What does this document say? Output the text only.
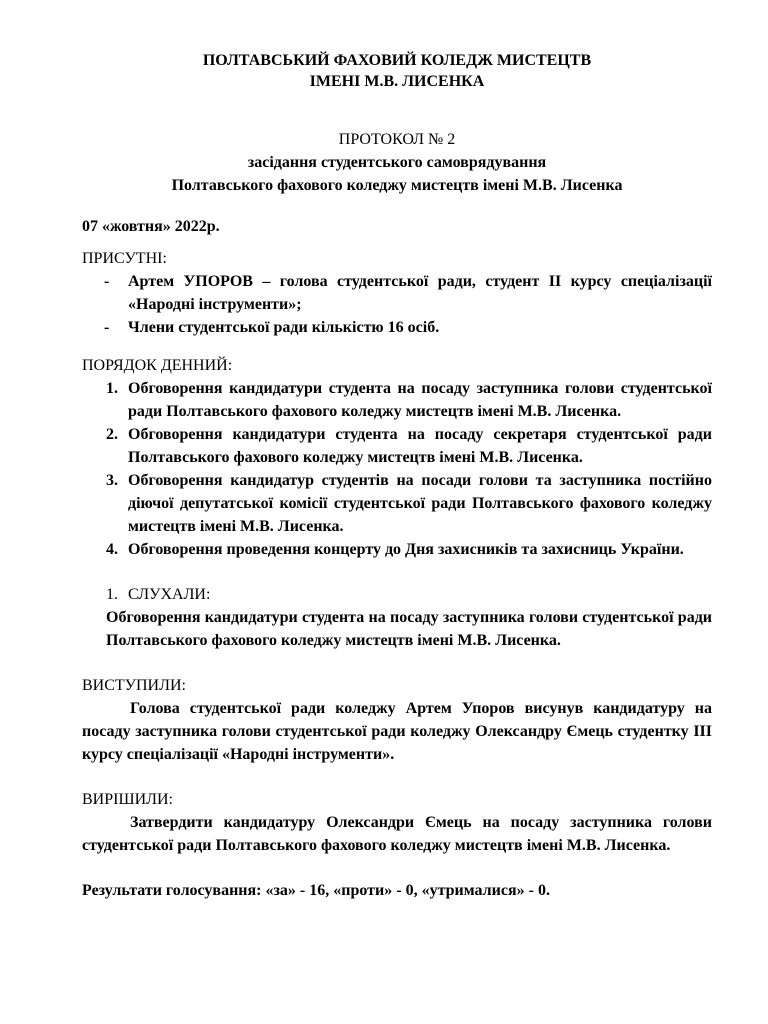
ПОЛТАВСЬКИЙ ФАХОВИЙ КОЛЕДЖ МИСТЕЦТВ

ІМЕНІ М.В. ЛИСЕНКА

ПРОТОКОЛ № 2

засідання студентського самоврядування

Полтавського фахового коледжу мистецтв імені М.В. Лисенка

07 «жовтня» 2022р.

ПРИСУТНІ:

- Артем УПОРОВ – голова студентської ради, студент ІІ курсу спеціалізації «Народні інструменти»;
- Члени студентської ради кількістю 16 осіб.

ПОРЯДОК ДЕННИЙ:

1. Обговорення кандидатури студента на посаду заступника голови студентської ради Полтавського фахового коледжу мистецтв імені М.В. Лисенка.
2. Обговорення кандидатури студента на посаду секретаря студентської ради Полтавського фахового коледжу мистецтв імені М.В. Лисенка.
3. Обговорення кандидатур студентів на посади голови та заступника постійно діючої депутатської комісії студентської ради Полтавського фахового коледжу мистецтв імені М.В. Лисенка.
4. Обговорення проведення концерту до Дня захисників та захисниць України.

1. СЛУХАЛИ:

Обговорення кандидатури студента на посаду заступника голови студентської ради Полтавського фахового коледжу мистецтв імені М.В. Лисенка.

ВИСТУПИЛИ:

Голова студентської ради коледжу Артем Упоров висунув кандидатуру на посаду заступника голови студентської ради коледжу Олександру Ємець студентку ІІІ курсу спеціалізації «Народні інструменти».

ВИРІШИЛИ:

Затвердити кандидатуру Олександри Ємець на посаду заступника голови студентської ради Полтавського фахового коледжу мистецтв імені М.В. Лисенка.

Результати голосування: «за» - 16, «проти» - 0, «утрималися» - 0.
